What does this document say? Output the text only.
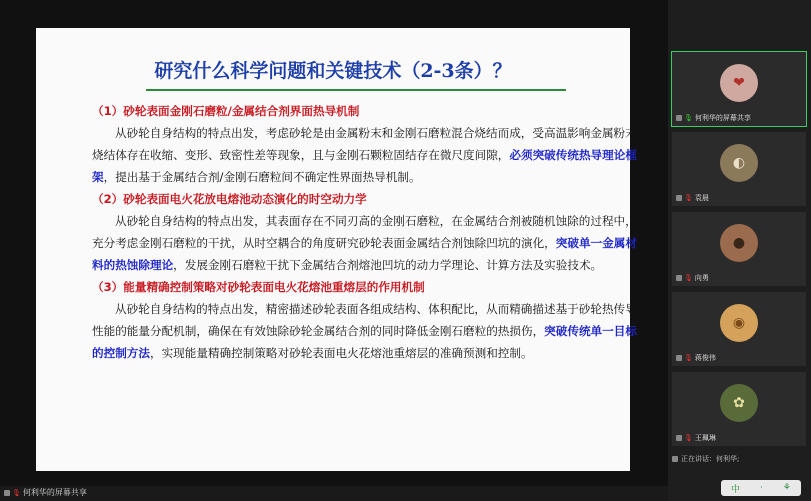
研究什么科学问题和关键技术（2-3条）？

（1）砂轮表面金刚石磨粒/金属结合剂界面热导机制

从砂轮自身结构的特点出发，考虑砂轮是由金属粉末和金刚石磨粒混合烧结而成，受高温影响金属粉末烧结体存在收缩、变形、致密性差等现象，且与金刚石颗粒固结存在微尺度间隙，必须突破传统热导理论框架，提出基于金属结合剂/金刚石磨粒间不确定性界面热导机制。

（2）砂轮表面电火花放电熔池动态演化的时空动力学

从砂轮自身结构的特点出发，其表面存在不同刃高的金刚石磨粒，在金属结合剂被随机蚀除的过程中，充分考虑金刚石磨粒的干扰，从时空耦合的角度研究砂轮表面金属结合剂蚀除凹坑的演化，突破单一金属材料的热蚀除理论，发展金刚石磨粒干扰下金属结合剂熔池凹坑的动力学理论、计算方法及实验技术。

（3）能量精确控制策略对砂轮表面电火花熔池重熔层的作用机制

从砂轮自身结构的特点出发，精密描述砂轮表面各组成结构、体积配比，从而精确描述基于砂轮热传导性能的能量分配机制，确保在有效蚀除砂轮金属结合剂的同时降低金刚石磨粒的热损伤，突破传统单一目标的控制方法，实现能量精确控制策略对砂轮表面电火花熔池重熔层的准确预测和控制。

🎙 何利华的屏幕共享
❤
🎙 何利华的屏幕共享
◐
🎙 袁晨
●
🎙 向勇
◉
🎙 蒋俊伟
✿
🎙 王珮琳
正在讲话：何利华;
中 · ⚘
